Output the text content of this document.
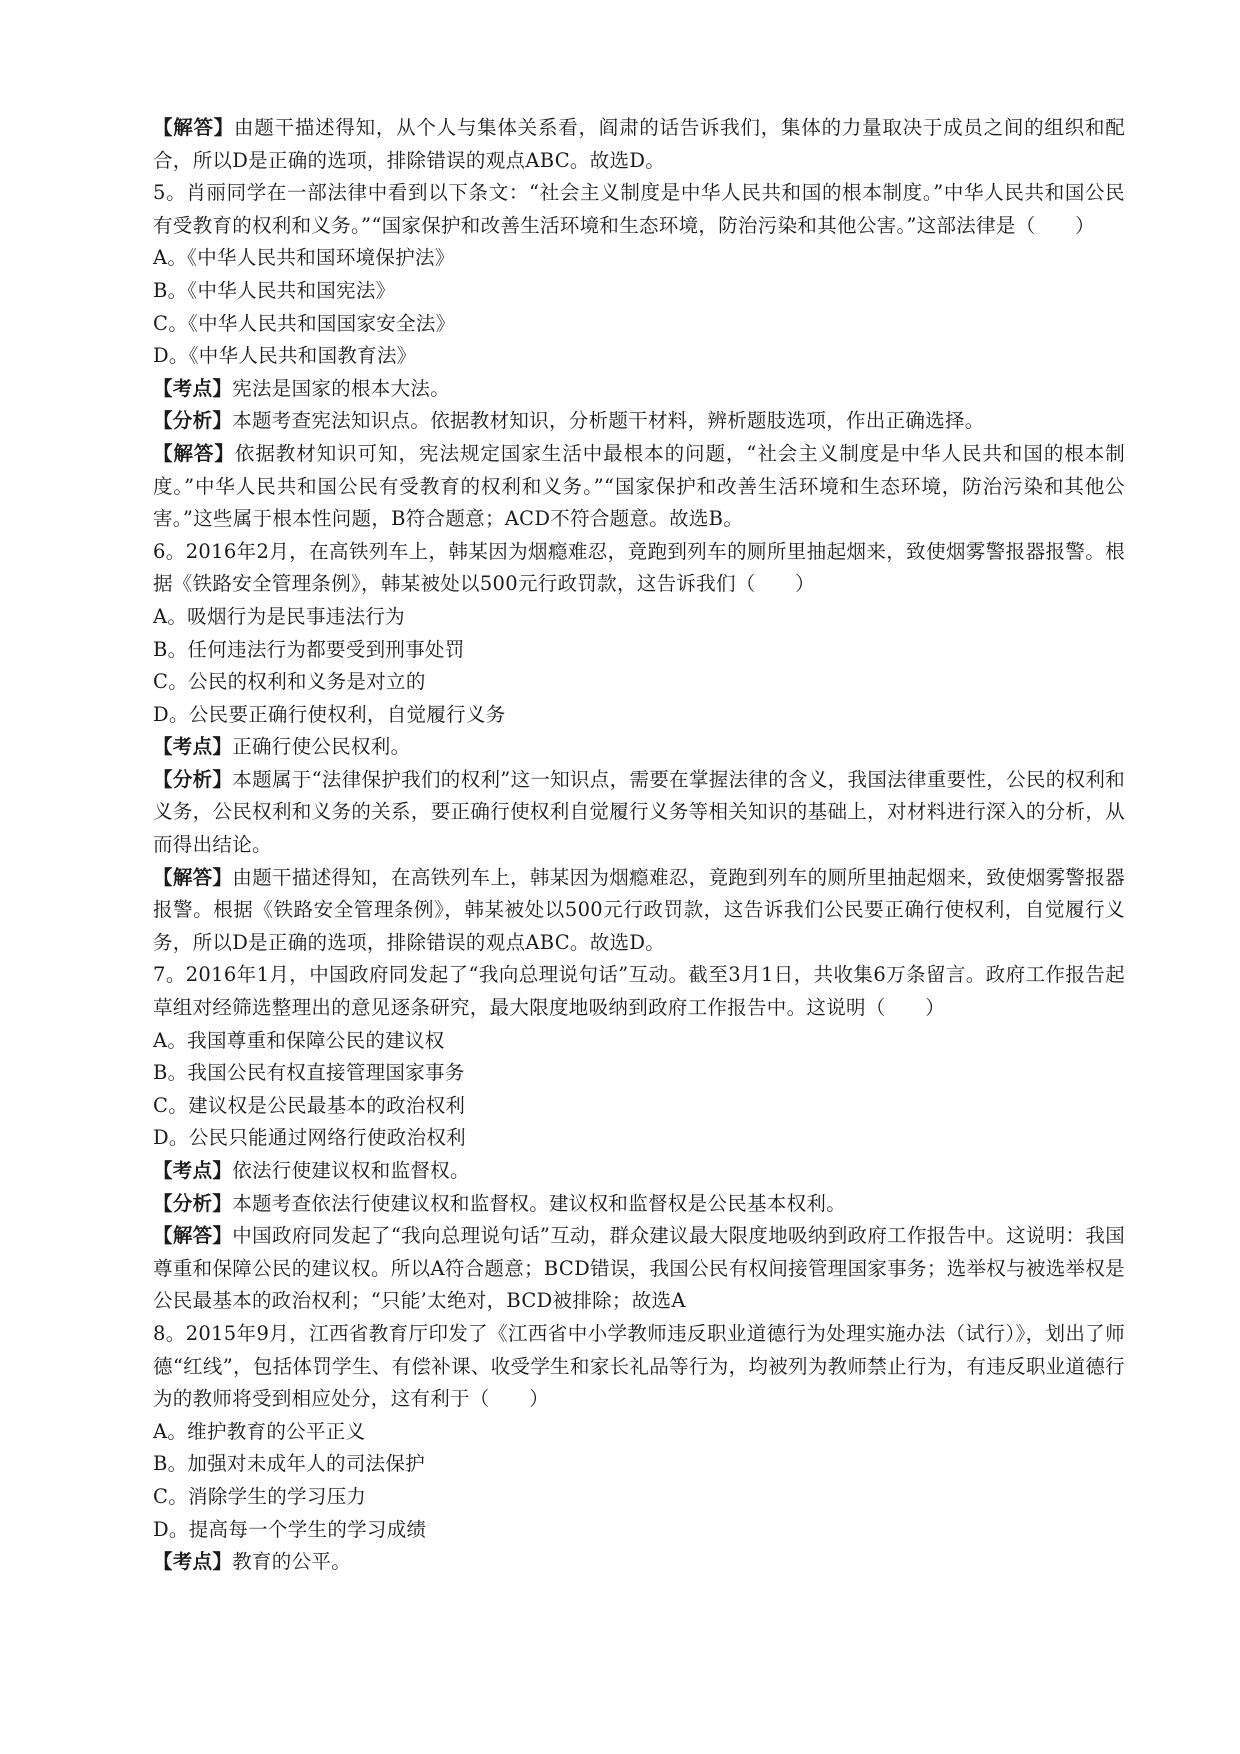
【解答】由题干描述得知，从个人与集体关系看，阎肃的话告诉我们，集体的力量取决于成员之间的组织和配合，所以D是正确的选项，排除错误的观点ABC。故选D。

5。肖丽同学在一部法律中看到以下条文：“社会主义制度是中华人民共和国的根本制度。”中华人民共和国公民有受教育的权利和义务。”“国家保护和改善生活环境和生态环境，防治污染和其他公害。”这部法律是（　　）

A。《中华人民共和国环境保护法》

B。《中华人民共和国宪法》

C。《中华人民共和国国家安全法》

D。《中华人民共和国教育法》

【考点】宪法是国家的根本大法。

【分析】本题考查宪法知识点。依据教材知识，分析题干材料，辨析题肢选项，作出正确选择。

【解答】依据教材知识可知，宪法规定国家生活中最根本的问题，“社会主义制度是中华人民共和国的根本制度。”中华人民共和国公民有受教育的权利和义务。”“国家保护和改善生活环境和生态环境，防治污染和其他公害。”这些属于根本性问题，B符合题意；ACD不符合题意。故选B。

6。2016年2月，在高铁列车上，韩某因为烟瘾难忍，竟跑到列车的厕所里抽起烟来，致使烟雾警报器报警。根据《铁路安全管理条例》，韩某被处以500元行政罚款，这告诉我们（　　）

A。吸烟行为是民事违法行为

B。任何违法行为都要受到刑事处罚

C。公民的权利和义务是对立的

D。公民要正确行使权利，自觉履行义务

【考点】正确行使公民权利。

【分析】本题属于“法律保护我们的权利”这一知识点，需要在掌握法律的含义，我国法律重要性，公民的权利和义务，公民权利和义务的关系，要正确行使权利自觉履行义务等相关知识的基础上，对材料进行深入的分析，从而得出结论。

【解答】由题干描述得知，在高铁列车上，韩某因为烟瘾难忍，竟跑到列车的厕所里抽起烟来，致使烟雾警报器报警。根据《铁路安全管理条例》，韩某被处以500元行政罚款，这告诉我们公民要正确行使权利，自觉履行义务，所以D是正确的选项，排除错误的观点ABC。故选D。

7。2016年1月，中国政府同发起了“我向总理说句话”互动。截至3月1日，共收集6万条留言。政府工作报告起草组对经筛选整理出的意见逐条研究，最大限度地吸纳到政府工作报告中。这说明（　　）

A。我国尊重和保障公民的建议权

B。我国公民有权直接管理国家事务

C。建议权是公民最基本的政治权利

D。公民只能通过网络行使政治权利

【考点】依法行使建议权和监督权。

【分析】本题考查依法行使建议权和监督权。建议权和监督权是公民基本权利。

【解答】中国政府同发起了“我向总理说句话”互动，群众建议最大限度地吸纳到政府工作报告中。这说明：我国尊重和保障公民的建议权。所以A符合题意；BCD错误，我国公民有权间接管理国家事务；选举权与被选举权是公民最基本的政治权利；“只能’太绝对，BCD被排除；故选A

8。2015年9月，江西省教育厅印发了《江西省中小学教师违反职业道德行为处理实施办法（试行）》，划出了师德“红线”，包括体罚学生、有偿补课、收受学生和家长礼品等行为，均被列为教师禁止行为，有违反职业道德行为的教师将受到相应处分，这有利于（　　）

A。维护教育的公平正义

B。加强对未成年人的司法保护

C。消除学生的学习压力

D。提高每一个学生的学习成绩

【考点】教育的公平。
